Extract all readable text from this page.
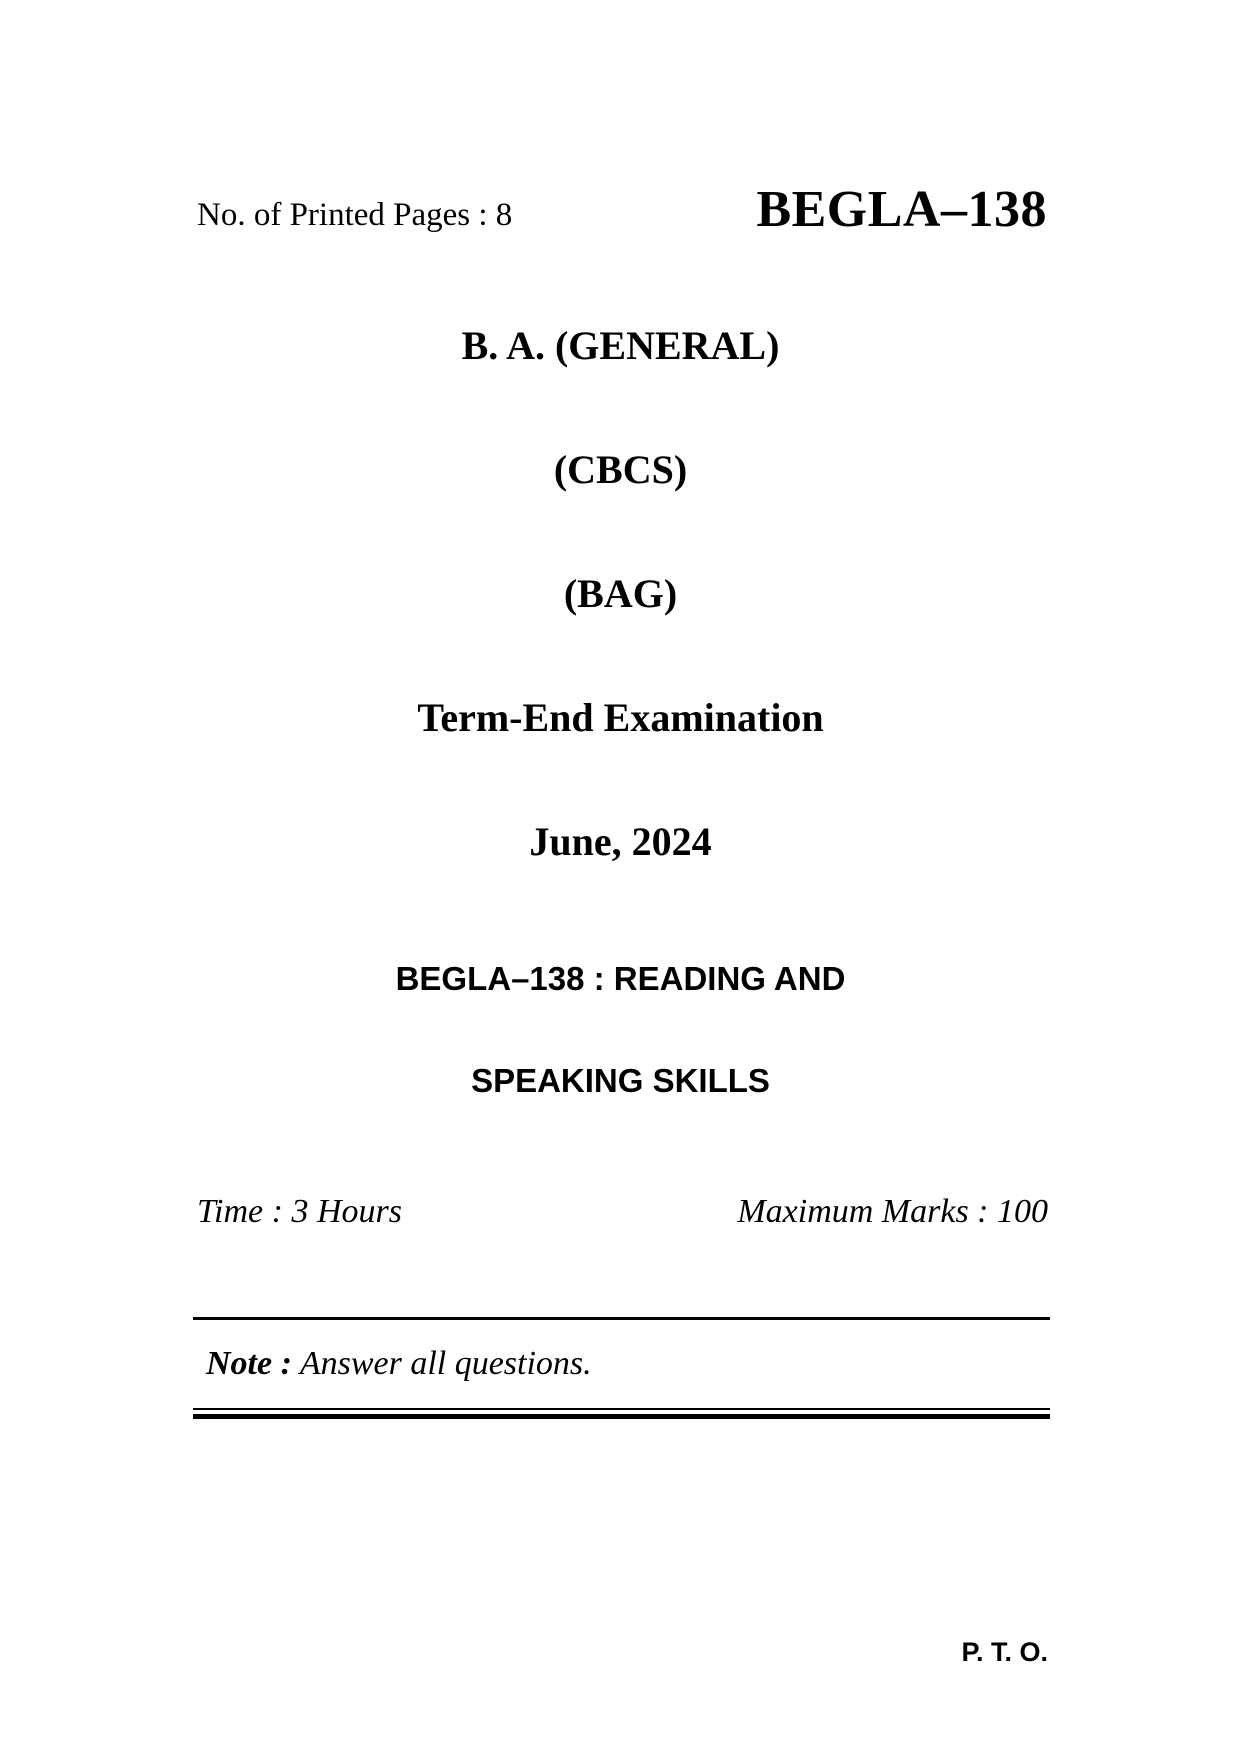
No. of Printed Pages : 8	BEGLA–138
B. A. (GENERAL)
(CBCS)
(BAG)
Term-End Examination
June, 2024
BEGLA–138 : READING AND
SPEAKING SKILLS
Time : 3 Hours	Maximum Marks : 100
Note : Answer all questions.
P. T. O.
